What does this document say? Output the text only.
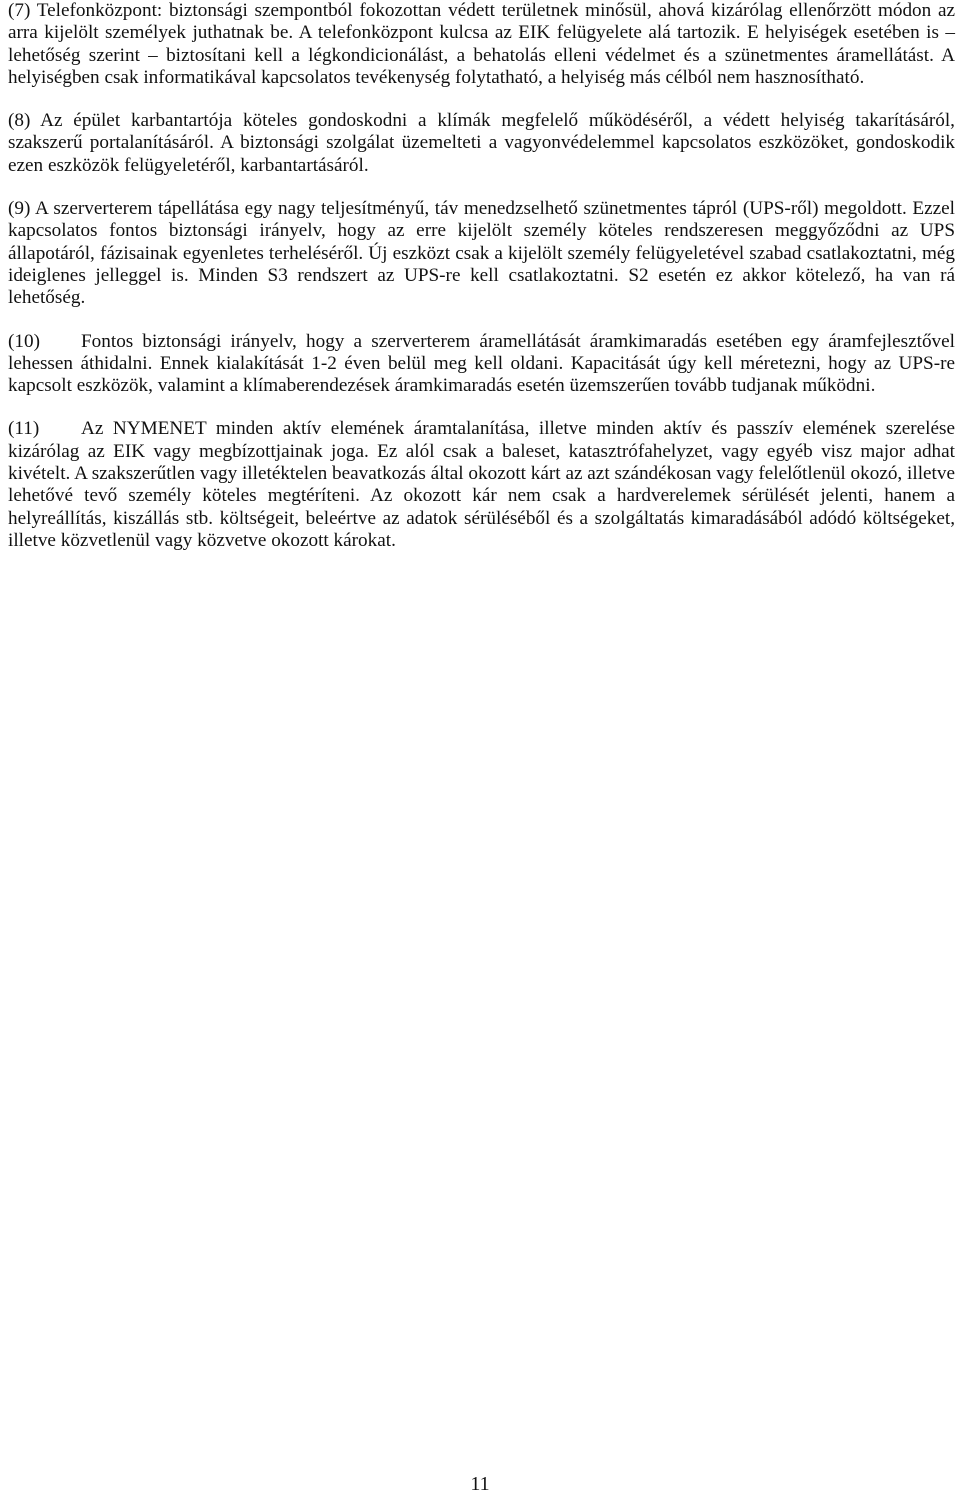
(7) Telefonközpont: biztonsági szempontból fokozottan védett területnek minősül, ahová kizárólag ellenőrzött módon az arra kijelölt személyek juthatnak be. A telefonközpont kulcsa az EIK felügyelete alá tartozik. E helyiségek esetében is – lehetőség szerint – biztosítani kell a légkondicionálást, a behatolás elleni védelmet és a szünetmentes áramellátást. A helyiségben csak informatikával kapcsolatos tevékenység folytatható, a helyiség más célból nem hasznosítható.

(8) Az épület karbantartója köteles gondoskodni a klímák megfelelő működéséről, a védett helyiség takarításáról, szakszerű portalanításáról. A biztonsági szolgálat üzemelteti a vagyonvédelemmel kapcsolatos eszközöket, gondoskodik ezen eszközök felügyeletéről, karbantartásáról.

(9) A szerverterem tápellátása egy nagy teljesítményű, táv menedzselhető szünetmentes tápról (UPS-ről) megoldott. Ezzel kapcsolatos fontos biztonsági irányelv, hogy az erre kijelölt személy köteles rendszeresen meggyőződni az UPS állapotáról, fázisainak egyenletes terheléséről. Új eszközt csak a kijelölt személy felügyeletével szabad csatlakoztatni, még ideiglenes jelleggel is. Minden S3 rendszert az UPS-re kell csatlakoztatni. S2 esetén ez akkor kötelező, ha van rá lehetőség.

(10) Fontos biztonsági irányelv, hogy a szerverterem áramellátását áramkimaradás esetében egy áramfejlesztővel lehessen áthidalni. Ennek kialakítását 1-2 éven belül meg kell oldani. Kapacitását úgy kell méretezni, hogy az UPS-re kapcsolt eszközök, valamint a klímaberendezések áramkimaradás esetén üzemszerűen tovább tudjanak működni.

(11) Az NYMENET minden aktív elemének áramtalanítása, illetve minden aktív és passzív elemének szerelése kizárólag az EIK vagy megbízottjainak joga. Ez alól csak a baleset, katasztrófahelyzet, vagy egyéb visz major adhat kivételt. A szakszerűtlen vagy illetéktelen beavatkozás által okozott kárt az azt szándékosan vagy felelőtlenül okozó, illetve lehetővé tevő személy köteles megtéríteni. Az okozott kár nem csak a hardverelemek sérülését jelenti, hanem a helyreállítás, kiszállás stb. költségeit, beleértve az adatok sérüléséből és a szolgáltatás kimaradásából adódó költségeket, illetve közvetlenül vagy közvetve okozott károkat.

11
